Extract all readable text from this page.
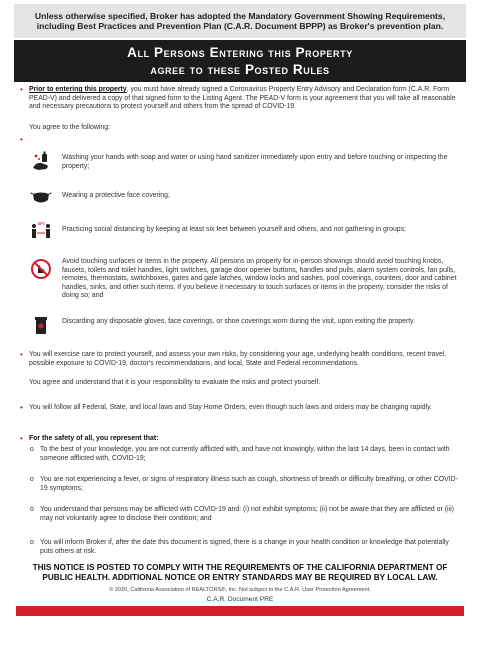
Unless otherwise specified, Broker has adopted the Mandatory Government Showing Requirements, including Best Practices and Prevention Plan (C.A.R. Document BPPP) as Broker's prevention plan.
All Persons Entering this Property
agree to these Posted Rules
• Prior to entering this property, you must have already signed a Coronavirus Property Entry Advisory and Declaration form (C.A.R. Form PEAD-V) and delivered a copy of that signed form to the Listing Agent. The PEAD-V form is your agreement that you will take all reasonable and necessary precautions to protect yourself and others from the spread of COVID-19.
You agree to the following:
•
Washing your hands with soap and water or using hand sanitizer immediately upon entry and before touching or inspecting the property;
Wearing a protective face covering;
6FT
Practicing social distancing by keeping at least six feet between yourself and others, and not gathering in groups;
Avoid touching surfaces or items in the property. All persons on property for in-person showings should avoid touching knobs, faucets, toilets and toilet handles, light switches, garage door opener buttons, handles and pulls, alarm system controls, fan pulls, remotes, thermostats, switchboxes, gates and gate latches, window locks and sashes, pool coverings, counters, door and cabinet handles, sinks, and other such items. If you believe it necessary to touch surfaces or items in the property, consider the risks of doing so; and
Discarding any disposable gloves, face coverings, or shoe coverings worn during the visit, upon exiting the property.
• You will exercise care to protect yourself, and assess your own risks, by considering your age, underlying health conditions, recent travel, possible exposure to COVID-19, doctor's recommendations, and local, State and Federal recommendations.
You agree and understand that it is your responsibility to evaluate the risks and protect yourself.
• You will follow all Federal, State, and local laws and Stay Home Orders, even though such laws and orders may be changing rapidly.
• For the safety of all, you represent that:
o To the best of your knowledge, you are not currently afflicted with, and have not knowingly, within the last 14 days, been in contact with someone afflicted with, COVID-19;
o You are not experiencing a fever, or signs of respiratory illness such as cough, shortness of breath or difficulty breathing, or other COVID-19 symptoms;
o You understand that persons may be afflicted with COVID-19 and: (i) not exhibit symptoms; (ii) not be aware that they are afflicted or (iii) may not voluntarily agree to disclose their condition; and
o You will inform Broker if, after the date this document is signed, there is a change in your health condition or knowledge that potentially puts others at risk.
THIS NOTICE IS POSTED TO COMPLY WITH THE REQUIREMENTS OF THE CALIFORNIA DEPARTMENT OF PUBLIC HEALTH. ADDITIONAL NOTICE OR ENTRY STANDARDS MAY BE REQUIRED BY LOCAL LAW.
© 2020, California Association of REALTORS®, Inc. Not subject to the C.A.R. User Protection Agreement.
C.A.R. Document PRE
